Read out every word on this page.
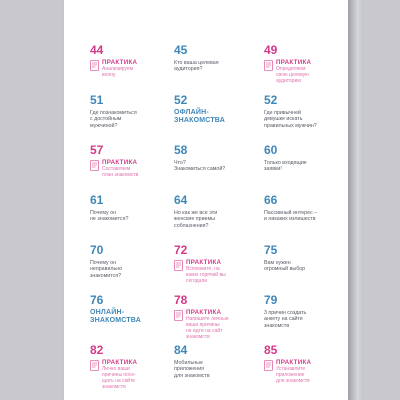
44
ПРАКТИКА
Анализируем
волну
45
Кто ваша целевая
аудитория?
49
ПРАКТИКА
Определяем
свою целевую
аудиторию
51
Где познакомиться
с достойным
мужчиной?
52
ОФЛАЙН-
ЗНАКОМСТВА
52
Где привычней
девушке искать
правильных мужчин?
57
ПРАКТИКА
Составляем
план знакомств
58
Что?
Знакомиться самой?
60
Только входящие
заявки!
61
Почему он
не знакомится?
64
Но как же все эти
женские приемы
соблазнения?
66
Пассивный интерес –
и никаких излишеств
70
Почему он
неправильно
знакомится?
72
ПРАКТИКА
Вспомните, на
каких горячий вы
сегодали
75
Вам нужен
огромный выбор
76
ОНЛАЙН-
ЗНАКОМСТВА
78
ПРАКТИКА
Напишите личные
ваши причины
не идти на сайт
знакомств
79
3 причин создать
анкету на сайте
знакомств
82
ПРАКТИКА
Лично ваши
причины посе-
щать на сайте
знакомств
84
Мобильные
приложения
для знакомств
85
ПРАКТИКА
Устанавлите
приложение
для знакомств
